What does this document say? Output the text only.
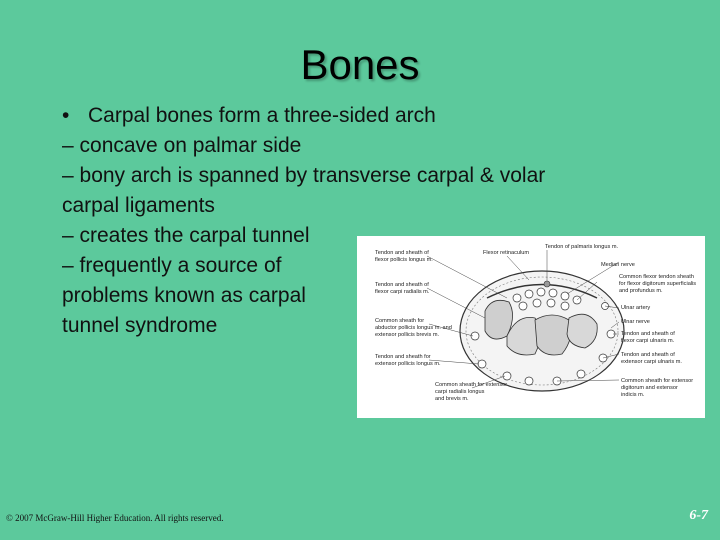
Bones
• Carpal bones form a three-sided arch
– concave on palmar side
– bony arch is spanned by transverse carpal & volar
carpal ligaments
– creates the carpal tunnel
– frequently a source of
problems known as carpal
tunnel syndrome
Tendon and sheath of
flexor pollicis longus m.
Tendon and sheath of
flexor carpi radialis m.
Common sheath for
abductor pollicis longus m. and
extensor pollicis brevis m.
Tendon and sheath for
extensor pollicis longus m.
Common sheath for extensor
carpi radialis longus
and brevis m.
Flexor retinaculum
Tendon of palmaris longus m.
Median nerve
Common flexor tendon sheath
for flexor digitorum superficialis
and profundus m.
Ulnar artery
Ulnar nerve
Tendon and sheath of
flexor carpi ulnaris m.
Tendon and sheath of
extensor carpi ulnaris m.
Common sheath for extensor
digitorum and extensor
indicis m.
© 2007 McGraw-Hill Higher Education. All rights reserved.	6-7
